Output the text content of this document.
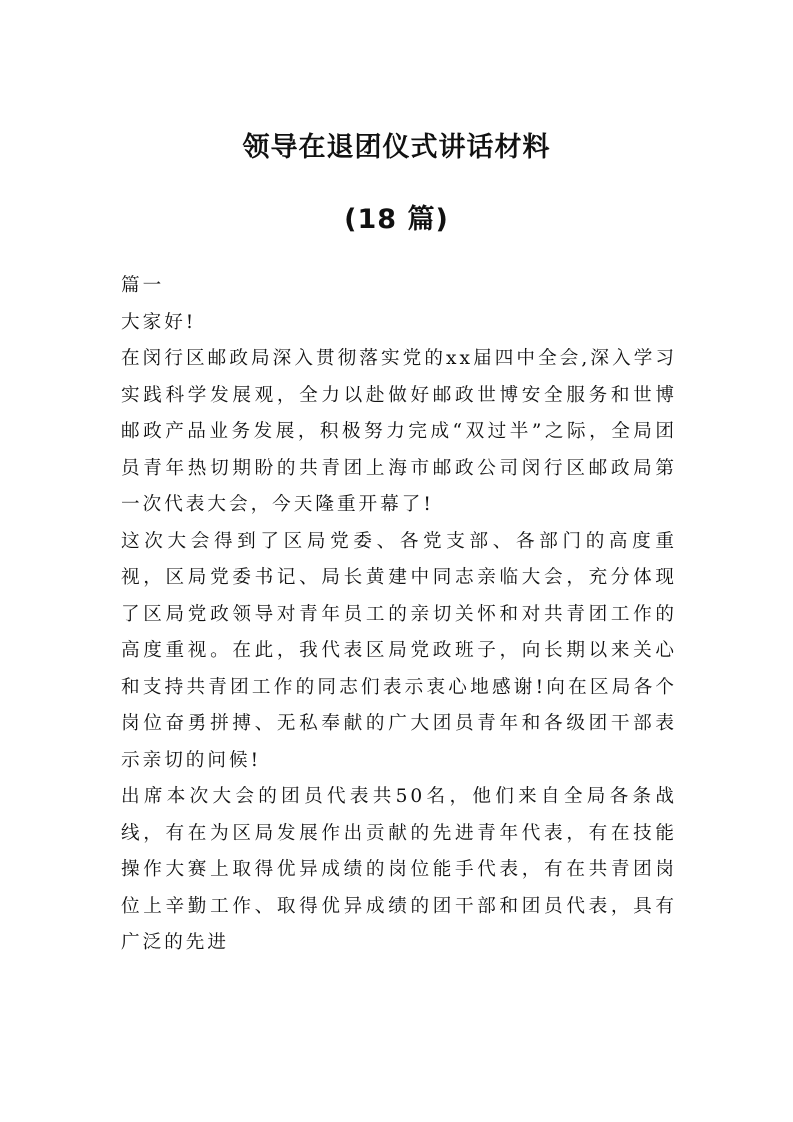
领导在退团仪式讲话材料
(18 篇)

篇一

大家好!

在闵行区邮政局深入贯彻落实党的xx届四中全会,深入学习实践科学发展观，全力以赴做好邮政世博安全服务和世博邮政产品业务发展，积极努力完成“双过半”之际，全局团员青年热切期盼的共青团上海市邮政公司闵行区邮政局第一次代表大会，今天隆重开幕了!

这次大会得到了区局党委、各党支部、各部门的高度重视，区局党委书记、局长黄建中同志亲临大会，充分体现了区局党政领导对青年员工的亲切关怀和对共青团工作的高度重视。在此，我代表区局党政班子，向长期以来关心和支持共青团工作的同志们表示衷心地感谢!向在区局各个岗位奋勇拼搏、无私奉献的广大团员青年和各级团干部表示亲切的问候!

出席本次大会的团员代表共50名，他们来自全局各条战线，有在为区局发展作出贡献的先进青年代表，有在技能操作大赛上取得优异成绩的岗位能手代表，有在共青团岗位上辛勤工作、取得优异成绩的团干部和团员代表，具有广泛的先进
